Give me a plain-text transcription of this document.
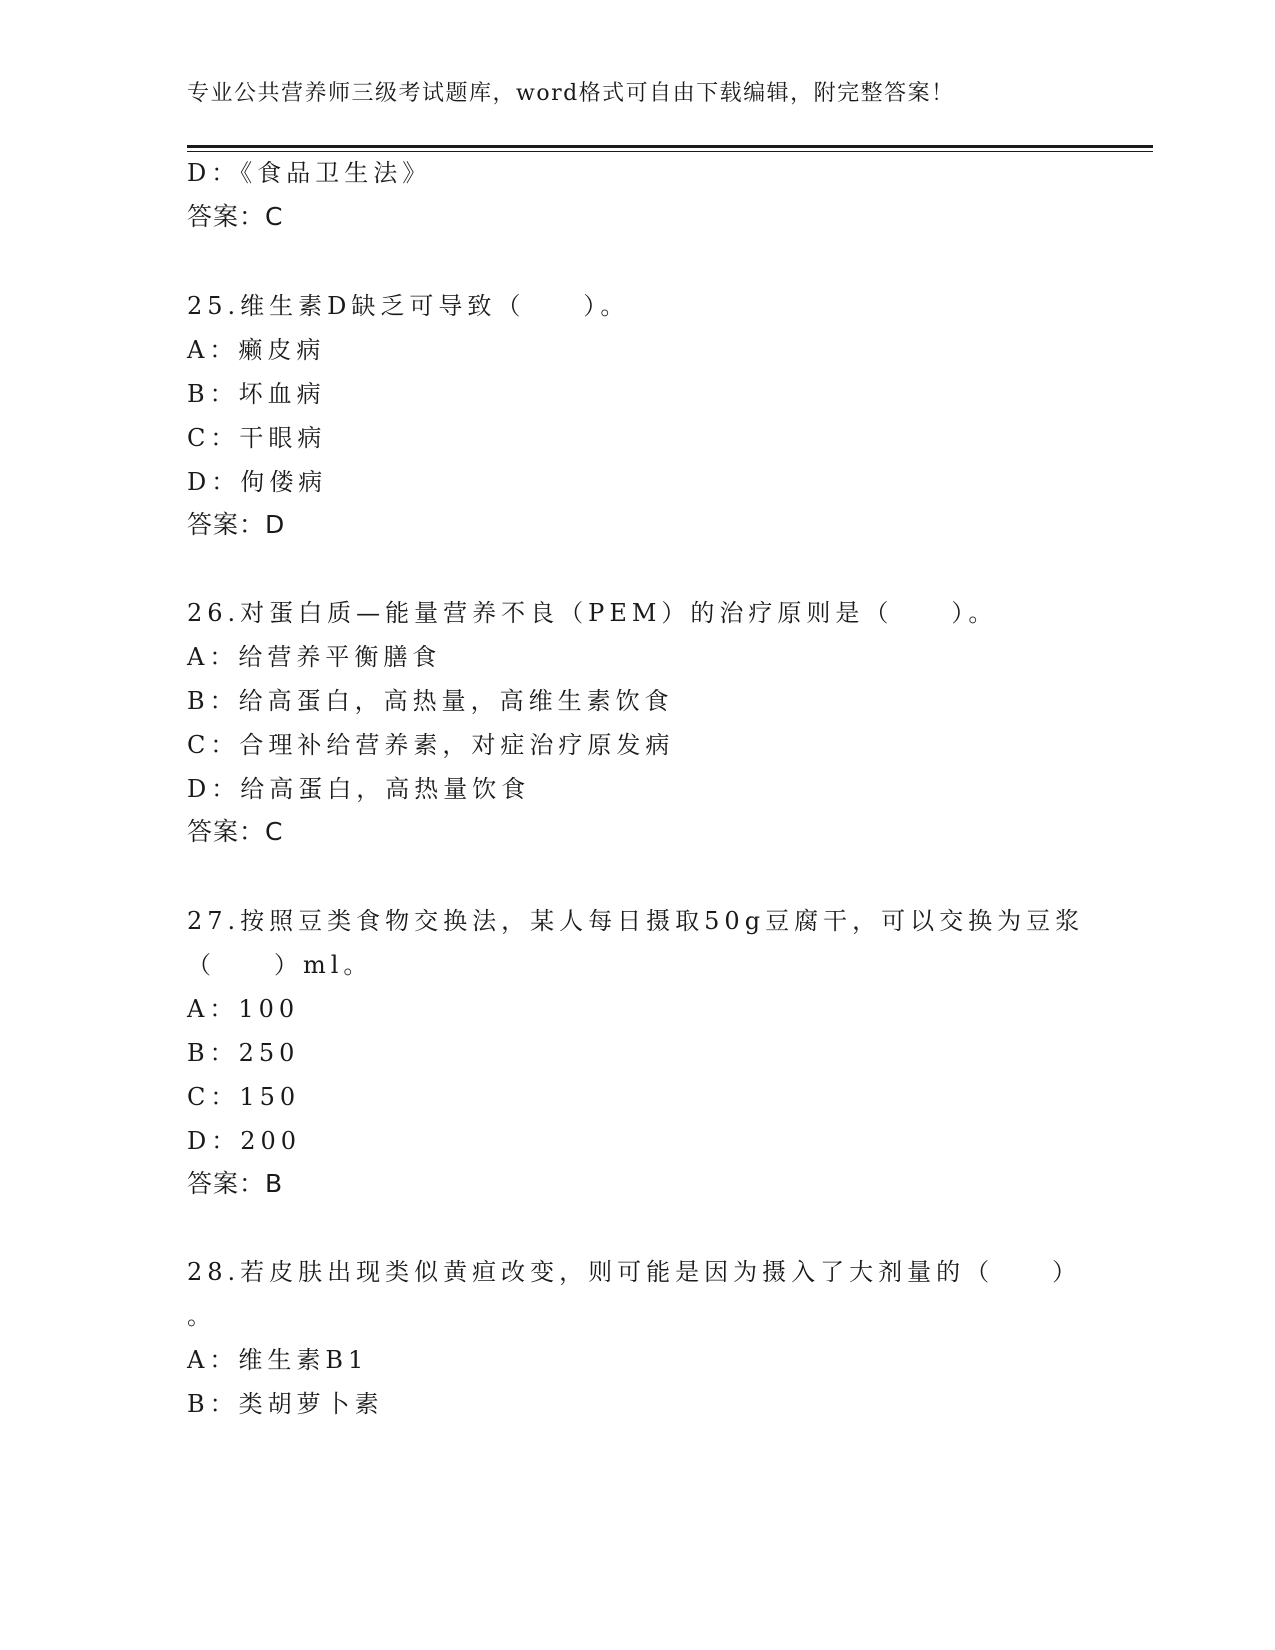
专业公共营养师三级考试题库，word格式可自由下载编辑，附完整答案！
D：《食品卫生法》
答案：C
25.维生素D缺乏可导致（　　）。
A：癞皮病
B：坏血病
C：干眼病
D：佝偻病
答案：D
26.对蛋白质—能量营养不良（PEM）的治疗原则是（　　）。
A：给营养平衡膳食
B：给高蛋白，高热量，高维生素饮食
C：合理补给营养素，对症治疗原发病
D：给高蛋白，高热量饮食
答案：C
27.按照豆类食物交换法，某人每日摄取50g豆腐干，可以交换为豆浆
（　　）ml。
A：100
B：250
C：150
D：200
答案：B
28.若皮肤出现类似黄疸改变，则可能是因为摄入了大剂量的（　　）
。
A：维生素B1
B：类胡萝卜素
